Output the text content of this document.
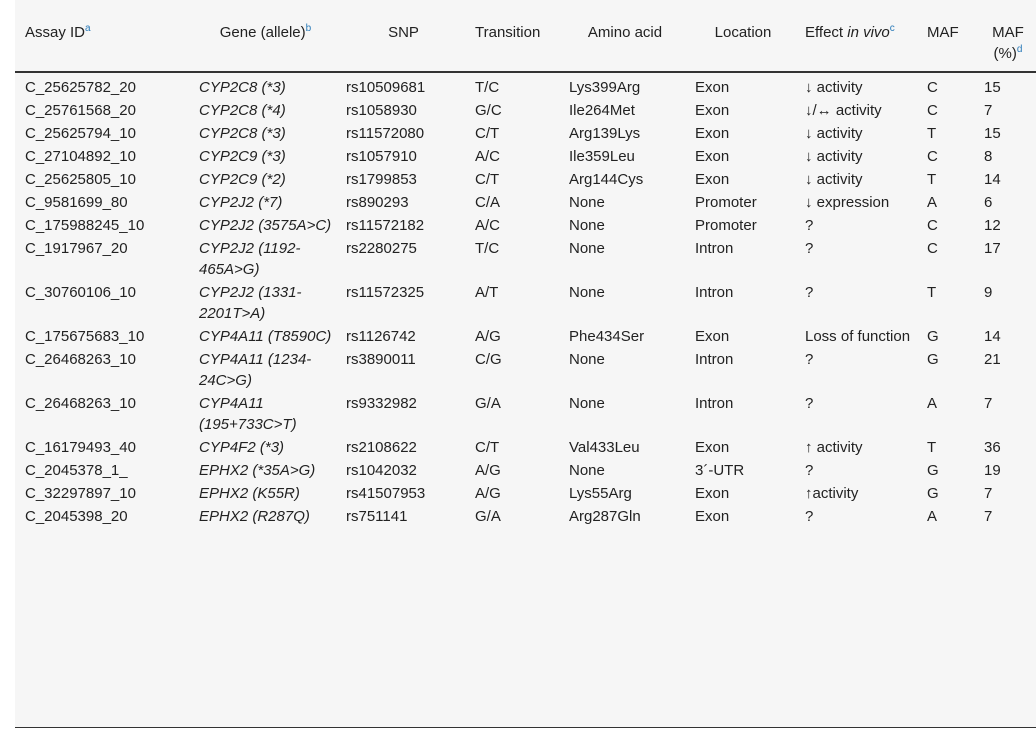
Assay $ID^a$	Gene (allele)$^b$	SNP	Transition	Amino acid	Location	Effect in vivo$^c$	MAF	MAF
(%)$^d$
C_25625782_20	CYP2C8 (*3)	rs10509681	T/C	Lys399Arg	Exon	↓ activity	C	15
C_25761568_20	CYP2C8 (*4)	rs1058930	G/C	Ile264Met	Exon	↓/↔ activity	C	7
C_25625794_10	CYP2C8 (*3)	rs11572080	C/T	Arg139Lys	Exon	↓ activity	T	15
C_27104892_10	CYP2C9 (*3)	rs1057910	A/C	Ile359Leu	Exon	↓ activity	C	8
C_25625805_10	CYP2C9 (*2)	rs1799853	C/T	Arg144Cys	Exon	↓ activity	T	14
C_9581699_80	CYP2J2 (*7)	rs890293	C/A	None	Promoter	↓ expression	A	6
C_175988245_10	CYP2J2 (3575A>C)	rs11572182	A/C	None	Promoter	?	C	12
C_1917967_20	CYP2J2 (1192-465A>G)	rs2280275	T/C	None	Intron	?	C	17
C_30760106_10	CYP2J2 (1331-2201T>A)	rs11572325	A/T	None	Intron	?	T	9
C_175675683_10	CYP4A11 (T8590C)	rs1126742	A/G	Phe434Ser	Exon	Loss of function	G	14
C_26468263_10	CYP4A11 (1234-24C>G)	rs3890011	C/G	None	Intron	?	G	21
C_26468263_10	CYP4A11 (195+733C>T)	rs9332982	G/A	None	Intron	?	A	7
C_16179493_40	CYP4F2 (*3)	rs2108622	C/T	Val433Leu	Exon	↑ activity	T	36
C_2045378_1_	EPHX2 (*35A>G)	rs1042032	A/G	None	3´-UTR	?	G	19
C_32297897_10	EPHX2 (K55R)	rs41507953	A/G	Lys55Arg	Exon	↑activity	G	7
C_2045398_20	EPHX2 (R287Q)	rs751141	G/A	Arg287Gln	Exon	?	A	7
